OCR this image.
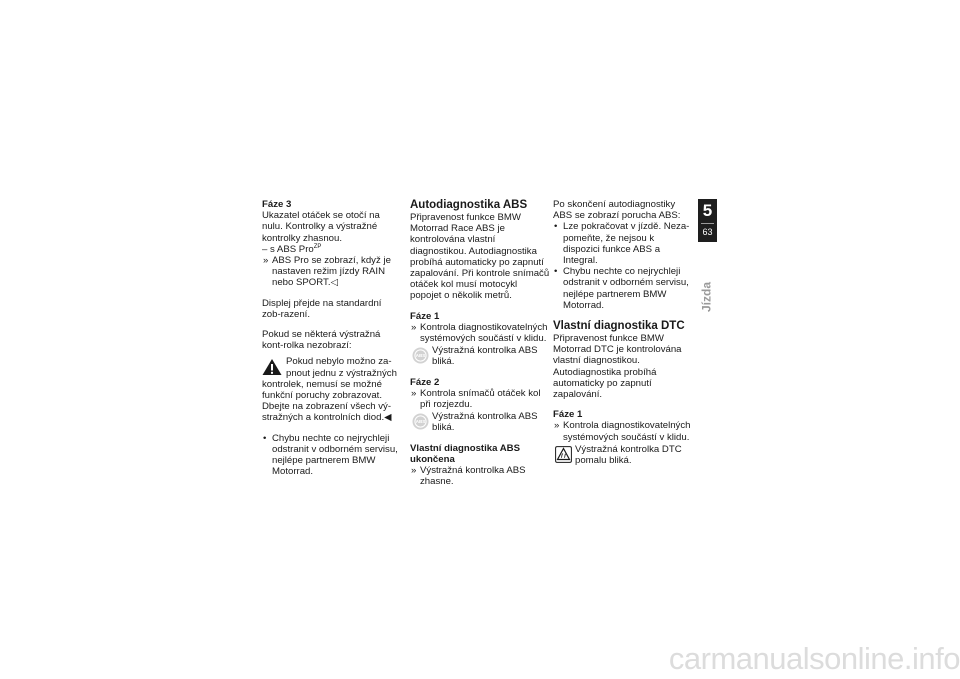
Fáze 3

Ukazatel otáček se otočí na nulu. Kontrolky a výstražné kontrolky zhasnou.

– s ABS Pro$^{ZP}$
» ABS Pro se zobrazí, když je nastaven režim jízdy RAIN nebo SPORT.◁

Displej přejde na standardní zob-razení.

Pokud se některá výstražná kont-rolka nezobrazí:

Pokud nebylo možno za-pnout jednu z výstražných

kontrolek, nemusí se možné funkční poruchy zobrazovat. Dbejte na zobrazení všech vý-stražných a kontrolních diod.◀

• Chybu nechte co nejrychleji odstranit v odborném servisu, nejlépe partnerem BMW Motorrad.
Autodiagnostika ABS

Připravenost funkce BMW Motorrad Race ABS je kontrolována vlastní diagnostikou. Autodiagnostika probíhá automaticky po zapnutí zapalování. Při kontrole snímačů otáček kol musí motocykl popojet o několik metrů.

Fáze 1
» Kontrola diagnostikovatelných systémových součástí v klidu.
ABS Výstražná kontrolka ABS bliká.
Fáze 2
» Kontrola snímačů otáček kol při rozjezdu.
ABS Výstražná kontrolka ABS bliká.
Vlastní diagnostika ABS ukončena
» Výstražná kontrolka ABS zhasne.

Po skončení autodiagnostiky ABS se zobrazí porucha ABS:

• Lze pokračovat v jízdě. Neza-pomeňte, že nejsou k dispozici funkce ABS a Integral.
• Chybu nechte co nejrychleji odstranit v odborném servisu, nejlépe partnerem BMW Motorrad.
Vlastní diagnostika DTC

Připravenost funkce BMW Motorrad DTC je kontrolována vlastní diagnostikou. Autodiagnostika probíhá automaticky po zapnutí zapalování.

Fáze 1
» Kontrola diagnostikovatelných systémových součástí v klidu.
Výstražná kontrolka DTC pomalu bliká.
5
63
Jízda
carmanualsonline.info
